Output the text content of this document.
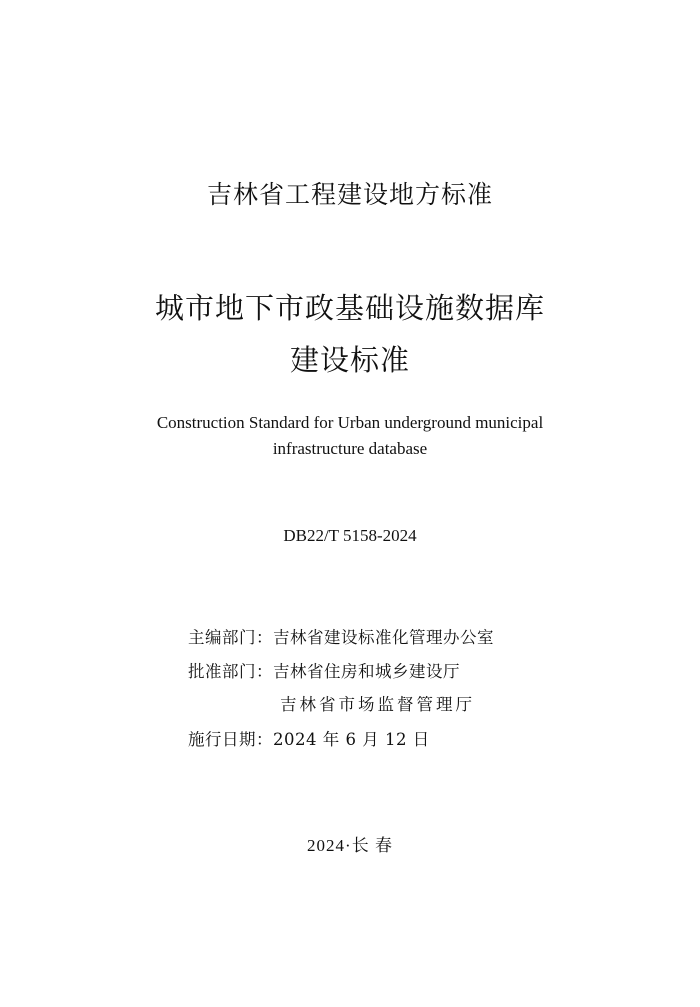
吉林省工程建设地方标准
城市地下市政基础设施数据库
建设标准
Construction Standard for Urban underground municipal
infrastructure database
DB22/T 5158-2024
主编部门：吉林省建设标准化管理办公室
批准部门：吉林省住房和城乡建设厅
吉林省市场监督管理厅
施行日期：2024 年 6 月 12 日
2024·长 春
